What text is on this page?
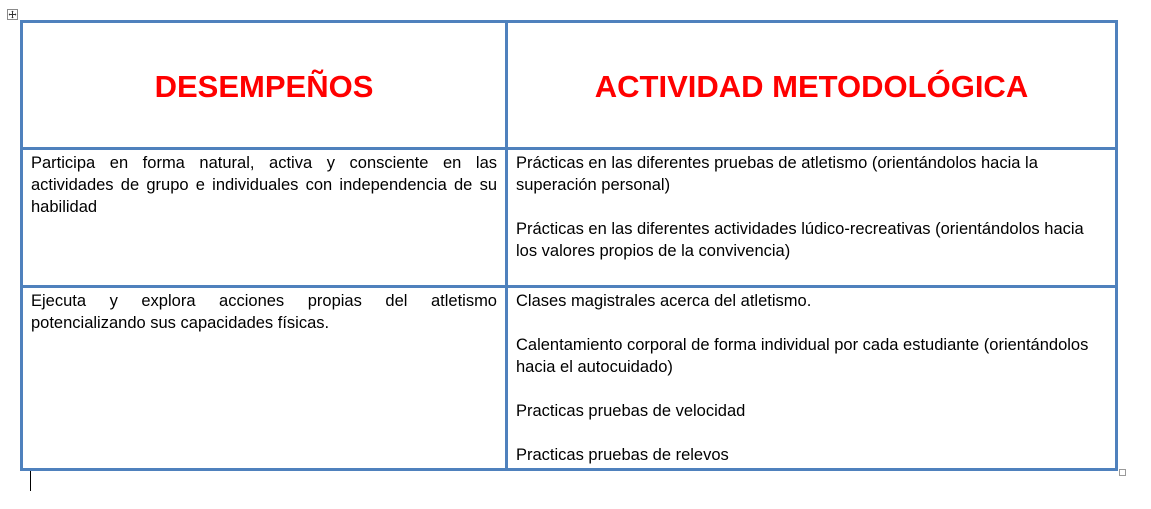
DESEMPEÑOS	ACTIVIDAD METODOLÓGICA
Participa en forma natural, activa y consciente en las actividades de grupo e individuales con independencia de su habilidad	Prácticas en las diferentes pruebas de atletismo (orientándolos hacia la superación personal)

Prácticas en las diferentes actividades lúdico-recreativas (orientándolos hacia los valores propios de la convivencia)

Ejecuta y explora acciones propias del atletismo potencializando sus capacidades físicas.	Clases magistrales acerca del atletismo.

Calentamiento corporal de forma individual por cada estudiante (orientándolos hacia el autocuidado)

Practicas pruebas de velocidad

Practicas pruebas de relevos
